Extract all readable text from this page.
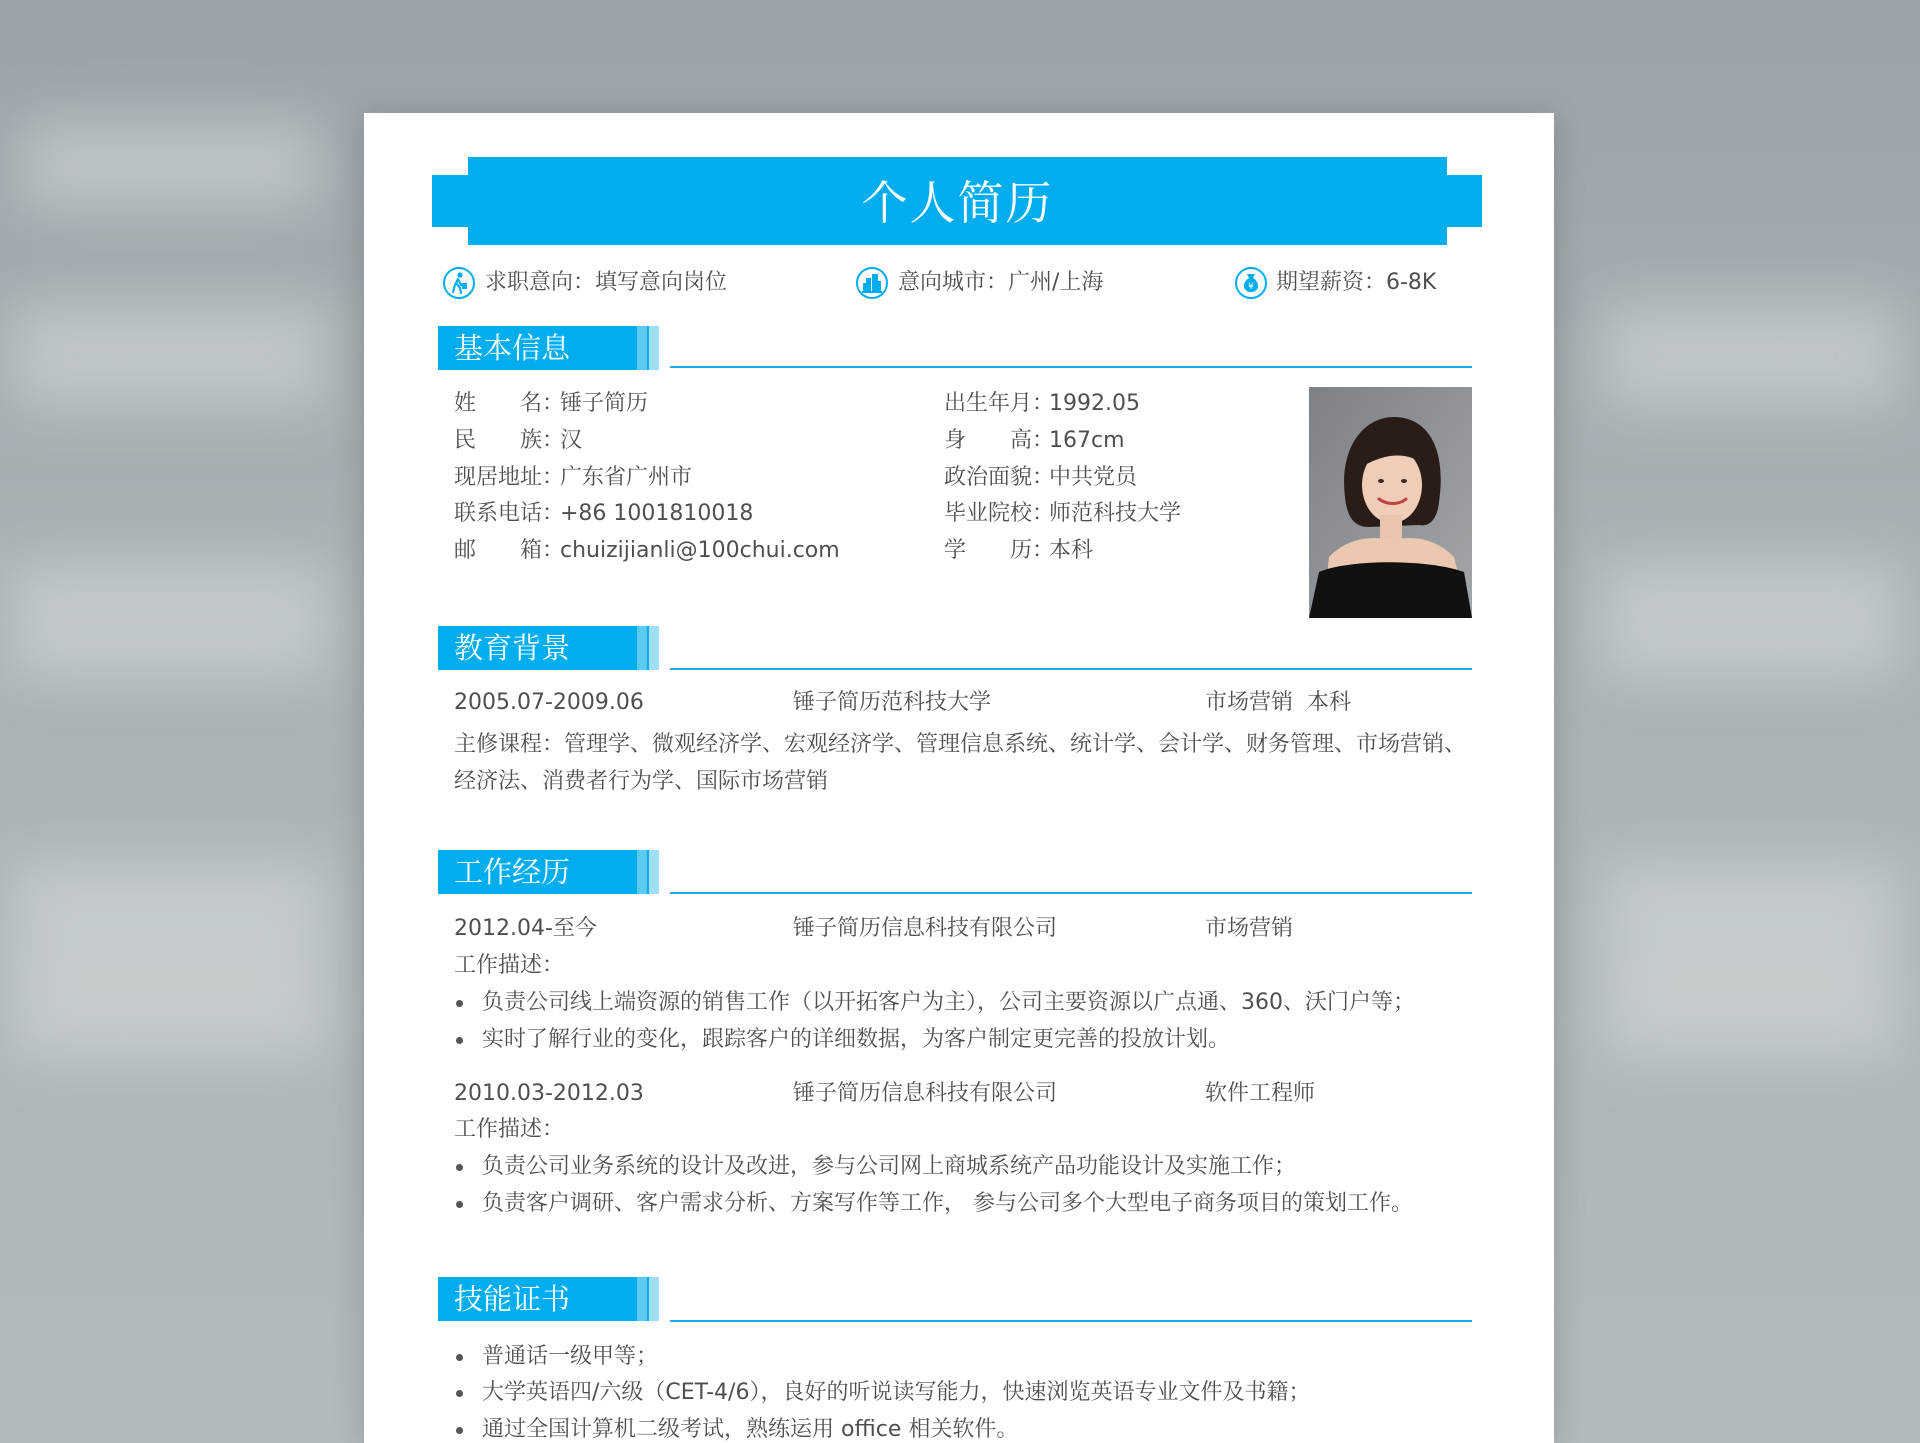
个人简历
求职意向：填写意向岗位	意向城市：广州/上海	¥ 期望薪资：6-8K
基本信息
姓　　名：
锤子简历
民　　族：
汉
现居地址：
广东省广州市
联系电话：
+86 1001810018
邮　　箱：
chuizijianli@100chui.com
出生年月：
1992.05
身　　高：
167cm
政治面貌：
中共党员
毕业院校：
师范科技大学
学　　历：
本科
教育背景
2005.07-2009.06	锤子简历范科技大学	市场营销  本科
主修课程：管理学、微观经济学、宏观经济学、管理信息系统、统计学、会计学、财务管理、市场营销、经济法、消费者行为学、国际市场营销
工作经历
2012.04-至今	锤子简历信息科技有限公司	市场营销
工作描述：
负责公司线上端资源的销售工作（以开拓客户为主），公司主要资源以广点通、360、沃门户等；
实时了解行业的变化，跟踪客户的详细数据，为客户制定更完善的投放计划。
2010.03-2012.03	锤子简历信息科技有限公司	软件工程师
工作描述：
负责公司业务系统的设计及改进，参与公司网上商城系统产品功能设计及实施工作；
负责客户调研、客户需求分析、方案写作等工作， 参与公司多个大型电子商务项目的策划工作。
技能证书
普通话一级甲等；
大学英语四/六级（CET-4/6），良好的听说读写能力，快速浏览英语专业文件及书籍；
通过全国计算机二级考试，熟练运用 office 相关软件。
